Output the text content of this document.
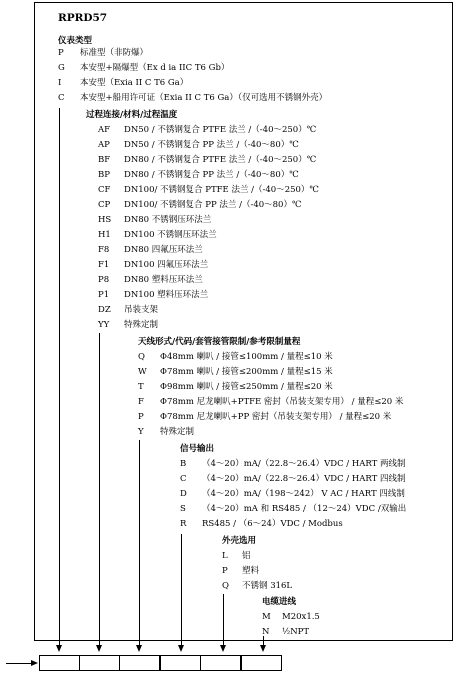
RPRD57
仪表类型
P 标准型（非防爆）
G 本安型+隔爆型（Ex d ia IIC T6 Gb）
I 本安型（Exia II C T6 Ga）
C 本安型+船用许可证（Exia II C T6 Ga）（仅可选用不锈钢外壳）
过程连接/材料/过程温度
AF DN50 / 不锈钢复合 PTFE 法兰 /（-40～250）℃
AP DN50 / 不锈钢复合 PP 法兰 /（-40～80）℃
BF DN80 / 不锈钢复合 PTFE 法兰 /（-40～250）℃
BP DN80 / 不锈钢复合 PP 法兰 /（-40～80）℃
CF DN100/ 不锈钢复合 PTFE 法兰 /（-40～250）℃
CP DN100/ 不锈钢复合 PP 法兰 /（-40～80）℃
HS DN80 不锈钢压环法兰
H1 DN100 不锈钢压环法兰
F8 DN80 四氟压环法兰
F1 DN100 四氟压环法兰
P8 DN80 塑料压环法兰
P1 DN100 塑料压环法兰
DZ 吊装支架
YY 特殊定制
天线形式/代码/套管接管限制/参考限制量程
Q Φ48mm 喇叭 / 接管≤100mm / 量程≤10 米
W Φ78mm 喇叭 / 接管≤200mm / 量程≤15 米
T Φ98mm 喇叭 / 接管≤250mm / 量程≤20 米
F Φ78mm 尼龙喇叭+PTFE 密封（吊装支架专用） / 量程≤20 米
P Φ78mm 尼龙喇叭+PP 密封（吊装支架专用） / 量程≤20 米
Y 特殊定制
信号输出
B （4～20）mA/（22.8～26.4）VDC / HART 两线制
C （4～20）mA/（22.8～26.4）VDC / HART 四线制
D （4～20）mA/（198～242） V AC / HART 四线制
S （4～20）mA 和 RS485 / （12～24）VDC /双输出
R RS485 / （6～24）VDC / Modbus
外壳选用
L 铝
P 塑料
Q 不锈钢 316L
电缆进线
M M20x1.5
N ½NPT
